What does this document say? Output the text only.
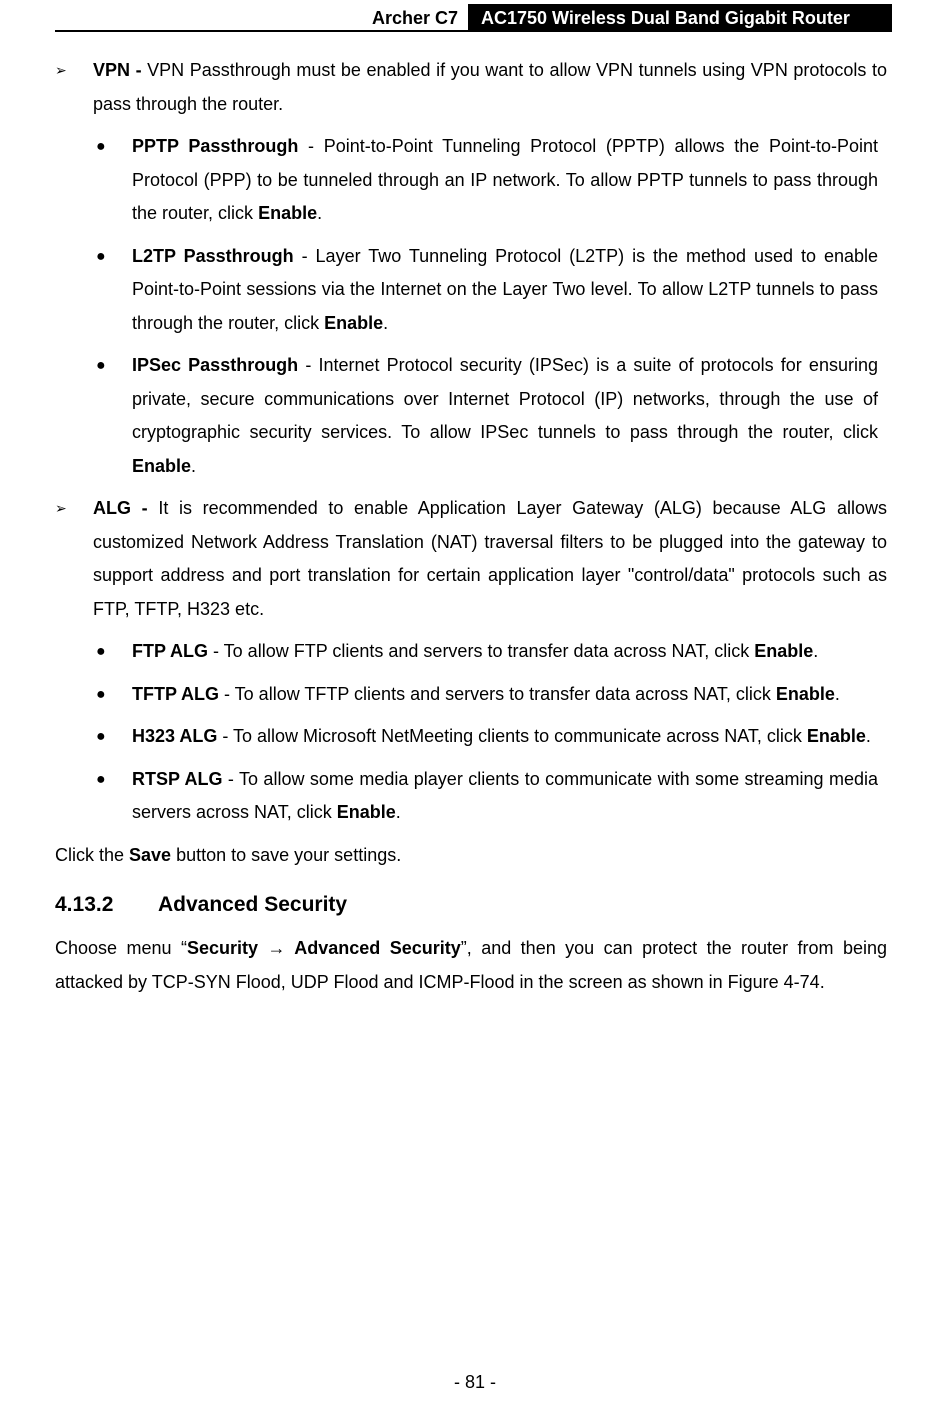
Archer C7	AC1750 Wireless Dual Band Gigabit Router
➢ VPN - VPN Passthrough must be enabled if you want to allow VPN tunnels using VPN protocols to pass through the router.
● PPTP Passthrough - Point-to-Point Tunneling Protocol (PPTP) allows the Point-to-Point Protocol (PPP) to be tunneled through an IP network. To allow PPTP tunnels to pass through the router, click Enable.
● L2TP Passthrough - Layer Two Tunneling Protocol (L2TP) is the method used to enable Point-to-Point sessions via the Internet on the Layer Two level. To allow L2TP tunnels to pass through the router, click Enable.
● IPSec Passthrough - Internet Protocol security (IPSec) is a suite of protocols for ensuring private, secure communications over Internet Protocol (IP) networks, through the use of cryptographic security services. To allow IPSec tunnels to pass through the router, click Enable.
➢ ALG - It is recommended to enable Application Layer Gateway (ALG) because ALG allows customized Network Address Translation (NAT) traversal filters to be plugged into the gateway to support address and port translation for certain application layer "control/data" protocols such as FTP, TFTP, H323 etc.
● FTP ALG - To allow FTP clients and servers to transfer data across NAT, click Enable.
● TFTP ALG - To allow TFTP clients and servers to transfer data across NAT, click Enable.
● H323 ALG - To allow Microsoft NetMeeting clients to communicate across NAT, click Enable.
● RTSP ALG - To allow some media player clients to communicate with some streaming media servers across NAT, click Enable.
Click the Save button to save your settings.
4.13.2 Advanced Security
Choose menu “Security → Advanced Security”, and then you can protect the router from being attacked by TCP-SYN Flood, UDP Flood and ICMP-Flood in the screen as shown in Figure 4-74.
- 81 -
